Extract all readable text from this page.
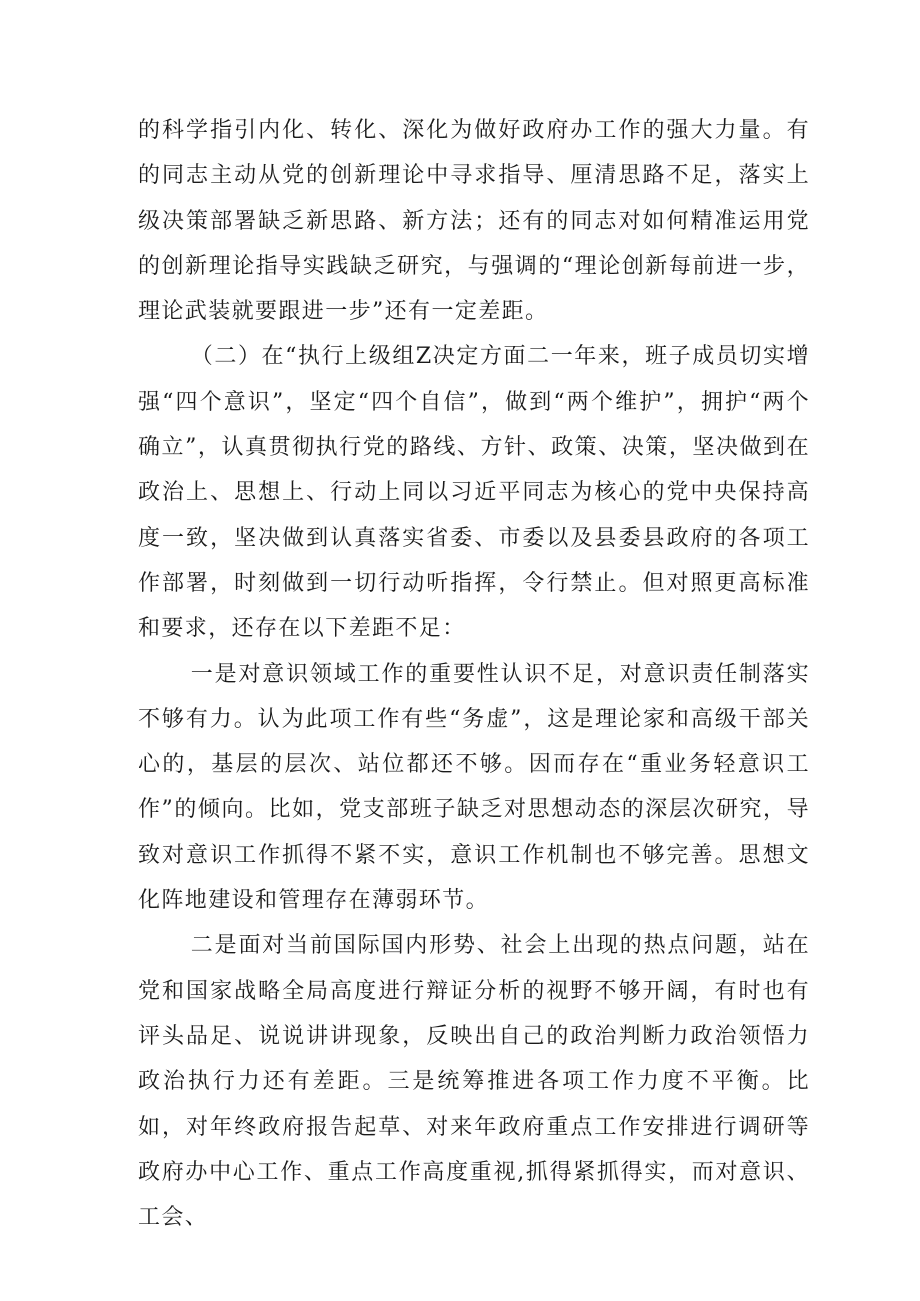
的科学指引内化、转化、深化为做好政府办工作的强大力量。有的同志主动从党的创新理论中寻求指导、厘清思路不足，落实上级决策部署缺乏新思路、新方法；还有的同志对如何精准运用党的创新理论指导实践缺乏研究，与强调的“理论创新每前进一步，理论武装就要跟进一步”还有一定差距。

（二）在“执行上级组Z决定方面二一年来，班子成员切实增强“四个意识”，坚定“四个自信”，做到“两个维护”，拥护“两个确立”，认真贯彻执行党的路线、方针、政策、决策，坚决做到在政治上、思想上、行动上同以习近平同志为核心的党中央保持高度一致，坚决做到认真落实省委、市委以及县委县政府的各项工作部署，时刻做到一切行动听指挥，令行禁止。但对照更高标准和要求，还存在以下差距不足：

一是对意识领域工作的重要性认识不足，对意识责任制落实不够有力。认为此项工作有些“务虚”，这是理论家和高级干部关心的，基层的层次、站位都还不够。因而存在“重业务轻意识工作”的倾向。比如，党支部班子缺乏对思想动态的深层次研究，导致对意识工作抓得不紧不实，意识工作机制也不够完善。思想文化阵地建设和管理存在薄弱环节。

二是面对当前国际国内形势、社会上出现的热点问题，站在党和国家战略全局高度进行辩证分析的视野不够开阔，有时也有评头品足、说说讲讲现象，反映出自己的政治判断力政治领悟力政治执行力还有差距。三是统筹推进各项工作力度不平衡。比如，对年终政府报告起草、对来年政府重点工作安排进行调研等政府办中心工作、重点工作高度重视,抓得紧抓得实，而对意识、工会、
